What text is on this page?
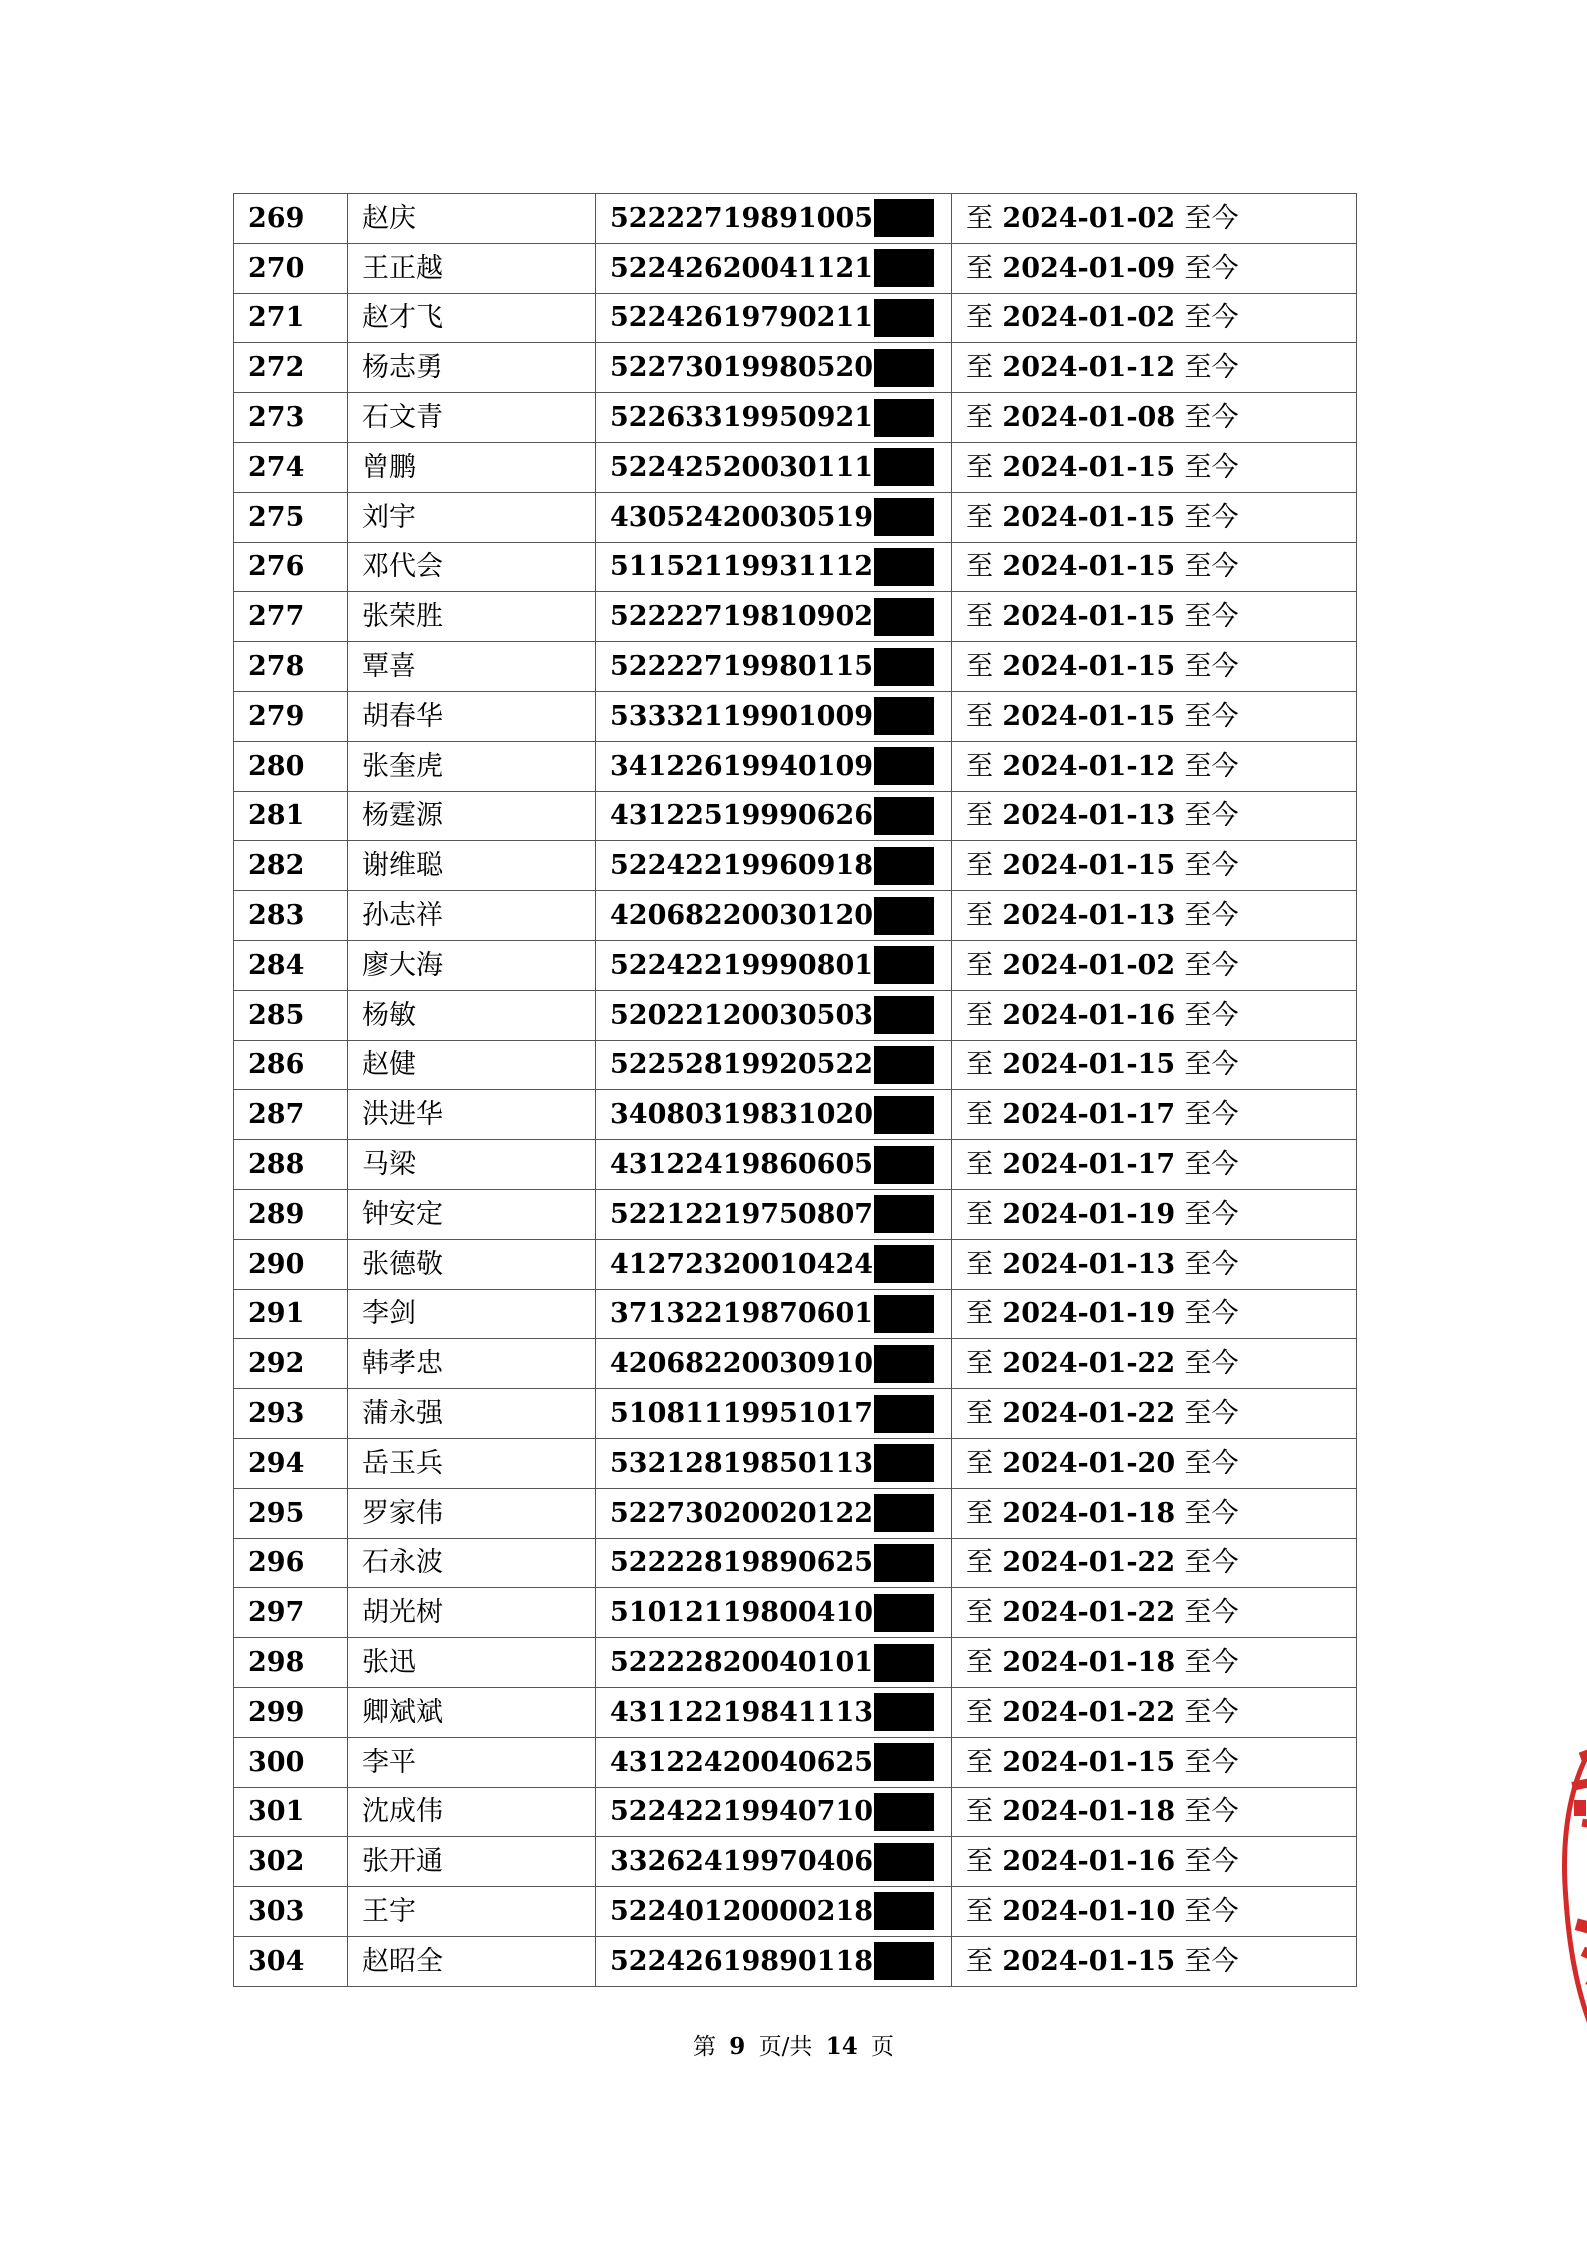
269	赵庆	52222719891005	至 2024-01-02 至今
270	王正越	52242620041121	至 2024-01-09 至今
271	赵才飞	52242619790211	至 2024-01-02 至今
272	杨志勇	52273019980520	至 2024-01-12 至今
273	石文青	52263319950921	至 2024-01-08 至今
274	曾鹏	52242520030111	至 2024-01-15 至今
275	刘宇	43052420030519	至 2024-01-15 至今
276	邓代会	51152119931112	至 2024-01-15 至今
277	张荣胜	52222719810902	至 2024-01-15 至今
278	覃喜	52222719980115	至 2024-01-15 至今
279	胡春华	53332119901009	至 2024-01-15 至今
280	张奎虎	34122619940109	至 2024-01-12 至今
281	杨霆源	43122519990626	至 2024-01-13 至今
282	谢维聪	52242219960918	至 2024-01-15 至今
283	孙志祥	42068220030120	至 2024-01-13 至今
284	廖大海	52242219990801	至 2024-01-02 至今
285	杨敏	52022120030503	至 2024-01-16 至今
286	赵健	52252819920522	至 2024-01-15 至今
287	洪进华	34080319831020	至 2024-01-17 至今
288	马梁	43122419860605	至 2024-01-17 至今
289	钟安定	52212219750807	至 2024-01-19 至今
290	张德敬	41272320010424	至 2024-01-13 至今
291	李剑	37132219870601	至 2024-01-19 至今
292	韩孝忠	42068220030910	至 2024-01-22 至今
293	蒲永强	51081119951017	至 2024-01-22 至今
294	岳玉兵	53212819850113	至 2024-01-20 至今
295	罗家伟	52273020020122	至 2024-01-18 至今
296	石永波	52222819890625	至 2024-01-22 至今
297	胡光树	51012119800410	至 2024-01-22 至今
298	张迅	52222820040101	至 2024-01-18 至今
299	卿斌斌	43112219841113	至 2024-01-22 至今
300	李平	43122420040625	至 2024-01-15 至今
301	沈成伟	52242219940710	至 2024-01-18 至今
302	张开通	33262419970406	至 2024-01-16 至今
303	王宇	52240120000218	至 2024-01-10 至今
304	赵昭全	52242619890118	至 2024-01-15 至今
第 9 页/共 14 页
